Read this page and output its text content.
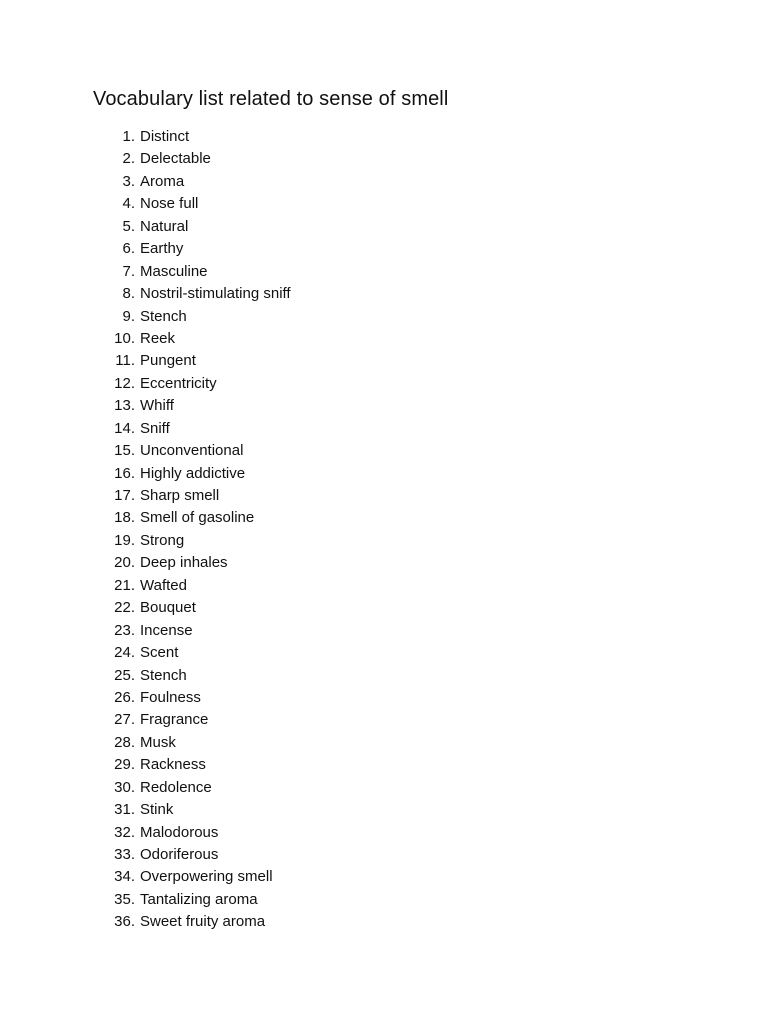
Vocabulary list related to sense of smell
1. Distinct
2. Delectable
3. Aroma
4. Nose full
5. Natural
6. Earthy
7. Masculine
8. Nostril-stimulating sniff
9. Stench
10. Reek
11. Pungent
12. Eccentricity
13. Whiff
14. Sniff
15. Unconventional
16. Highly addictive
17. Sharp smell
18. Smell of gasoline
19. Strong
20. Deep inhales
21. Wafted
22. Bouquet
23. Incense
24. Scent
25. Stench
26. Foulness
27. Fragrance
28. Musk
29. Rackness
30. Redolence
31. Stink
32. Malodorous
33. Odoriferous
34. Overpowering smell
35. Tantalizing aroma
36. Sweet fruity aroma
